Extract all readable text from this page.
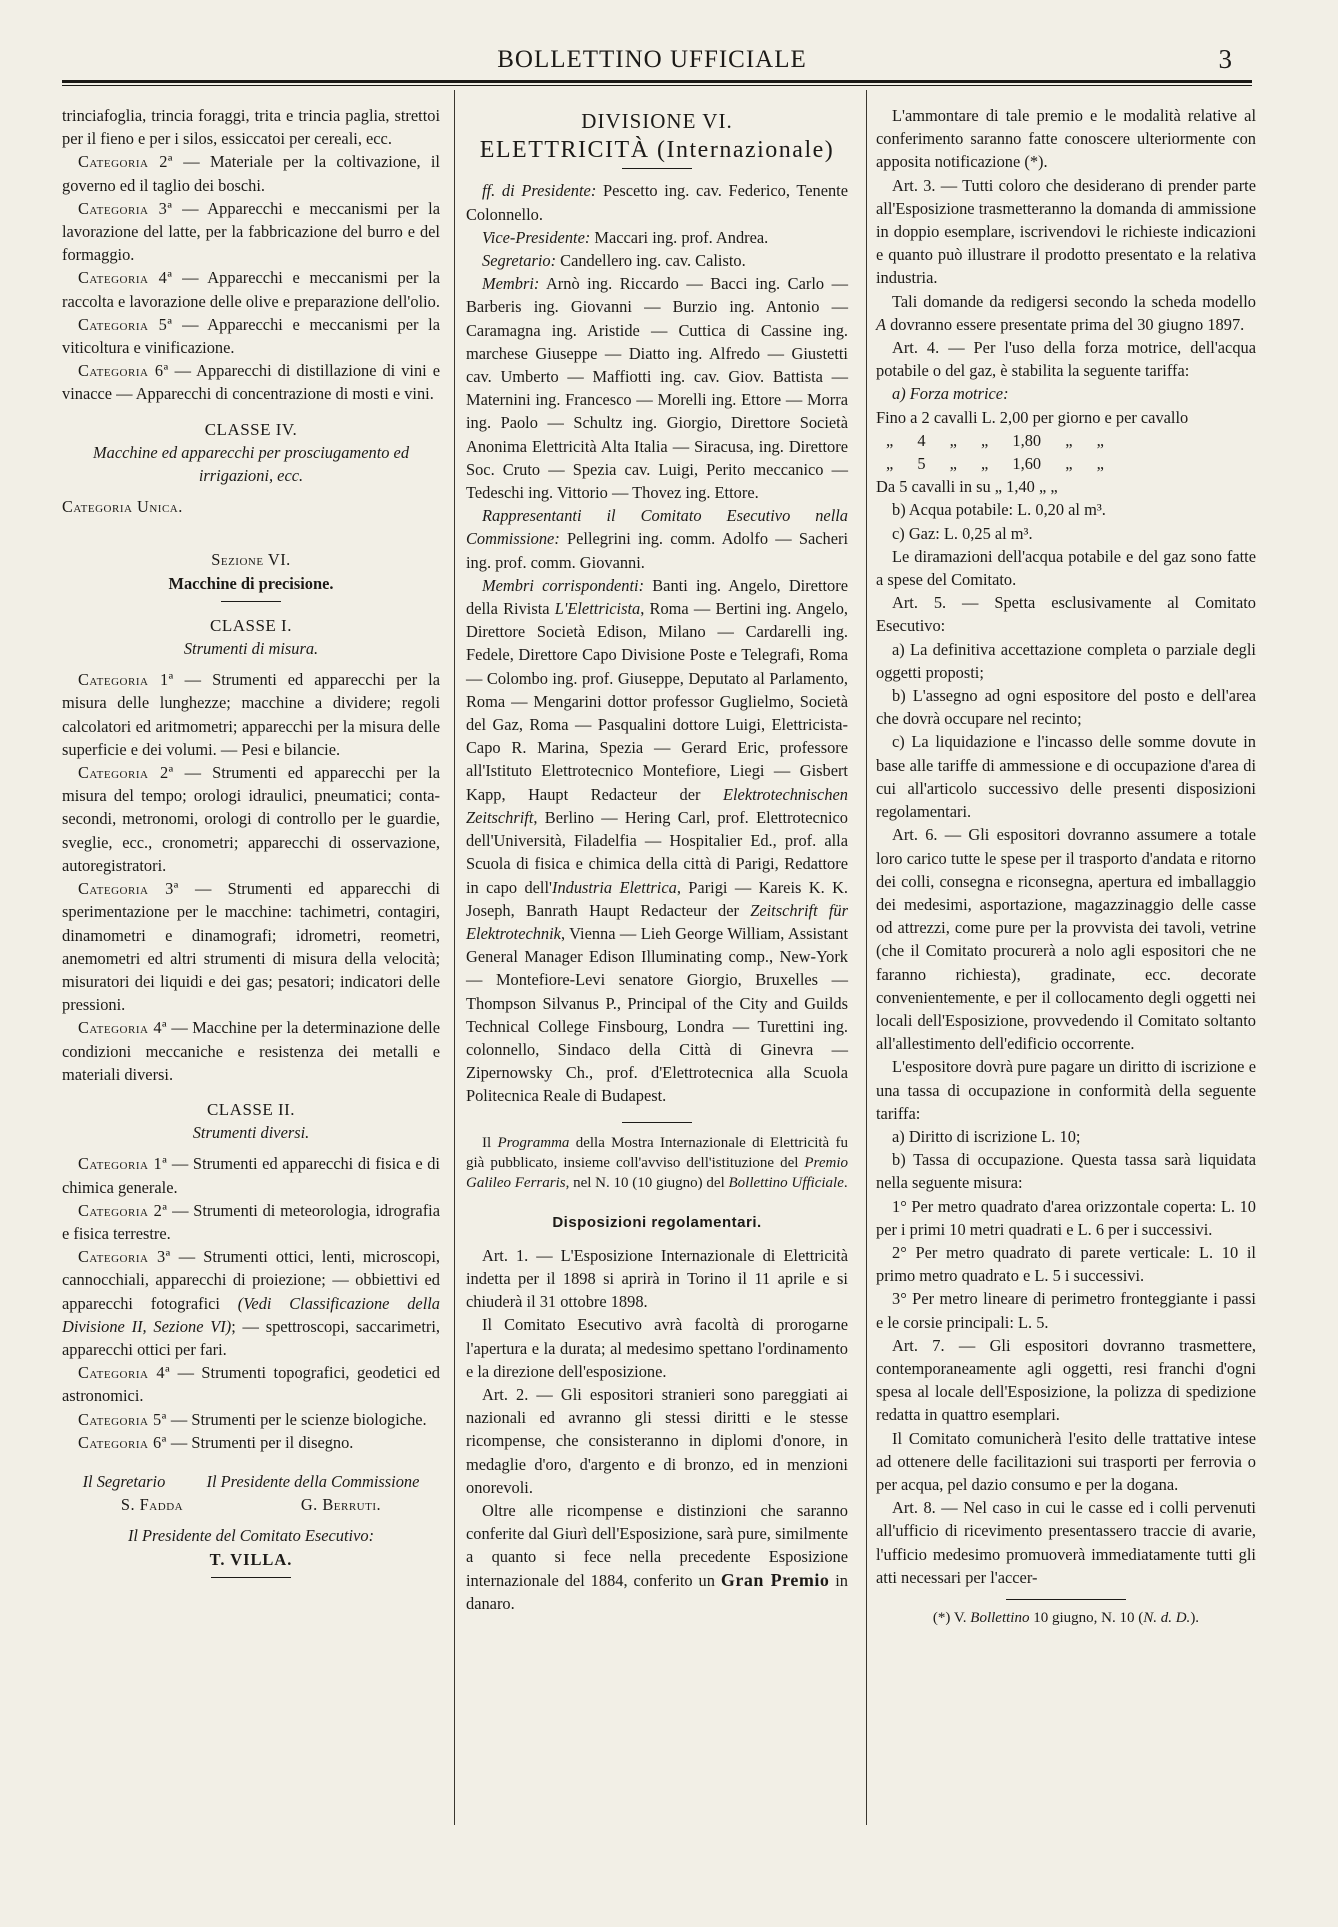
BOLLETTINO UFFICIALE	3

trinciafoglia, trincia foraggi, trita e trincia paglia, strettoi per il fieno e per i silos, essiccatoi per cereali, ecc.

Categoria 2ª — Materiale per la coltivazione, il governo ed il taglio dei boschi.

Categoria 3ª — Apparecchi e meccanismi per la lavorazione del latte, per la fabbricazione del burro e del formaggio.

Categoria 4ª — Apparecchi e meccanismi per la raccolta e lavorazione delle olive e preparazione dell'olio.

Categoria 5ª — Apparecchi e meccanismi per la viticoltura e vinificazione.

Categoria 6ª — Apparecchi di distillazione di vini e vinacce — Apparecchi di concentrazione di mosti e vini.

CLASSE IV.

Macchine ed apparecchi per prosciugamento ed irrigazioni, ecc.

Categoria Unica.

Sezione VI.

Macchine di precisione.

CLASSE I.

Strumenti di misura.

Categoria 1ª — Strumenti ed apparecchi per la misura delle lunghezze; macchine a dividere; regoli calcolatori ed aritmometri; apparecchi per la misura delle superficie e dei volumi. — Pesi e bilancie.

Categoria 2ª — Strumenti ed apparecchi per la misura del tempo; orologi idraulici, pneumatici; conta-secondi, metronomi, orologi di controllo per le guardie, sveglie, ecc., cronometri; apparecchi di osservazione, autoregistratori.

Categoria 3ª — Strumenti ed apparecchi di sperimentazione per le macchine: tachimetri, contagiri, dinamometri e dinamografi; idrometri, reometri, anemometri ed altri strumenti di misura della velocità; misuratori dei liquidi e dei gas; pesatori; indicatori delle pressioni.

Categoria 4ª — Macchine per la determinazione delle condizioni meccaniche e resistenza dei metalli e materiali diversi.

CLASSE II.

Strumenti diversi.

Categoria 1ª — Strumenti ed apparecchi di fisica e di chimica generale.

Categoria 2ª — Strumenti di meteorologia, idrografia e fisica terrestre.

Categoria 3ª — Strumenti ottici, lenti, microscopi, cannocchiali, apparecchi di proiezione; — obbiettivi ed apparecchi fotografici (Vedi Classificazione della Divisione II, Sezione VI); — spettroscopi, saccarimetri, apparecchi ottici per fari.

Categoria 4ª — Strumenti topografici, geodetici ed astronomici.

Categoria 5ª — Strumenti per le scienze biologiche.

Categoria 6ª — Strumenti per il disegno.

Il Segretario	Il Presidente della Commissione
S. Fadda	G. Berruti.

Il Presidente del Comitato Esecutivo:

T. VILLA.

DIVISIONE VI.
ELETTRICITÀ (Internazionale)

ff. di Presidente: Pescetto ing. cav. Federico, Tenente Colonnello.

Vice-Presidente: Maccari ing. prof. Andrea.

Segretario: Candellero ing. cav. Calisto.

Membri: Arnò ing. Riccardo — Bacci ing. Carlo — Barberis ing. Giovanni — Burzio ing. Antonio — Caramagna ing. Aristide — Cuttica di Cassine ing. marchese Giuseppe — Diatto ing. Alfredo — Giustetti cav. Umberto — Maffiotti ing. cav. Giov. Battista — Maternini ing. Francesco — Morelli ing. Ettore — Morra ing. Paolo — Schultz ing. Giorgio, Direttore Società Anonima Elettricità Alta Italia — Siracusa, ing. Direttore Soc. Cruto — Spezia cav. Luigi, Perito meccanico — Tedeschi ing. Vittorio — Thovez ing. Ettore.

Rappresentanti il Comitato Esecutivo nella Commissione: Pellegrini ing. comm. Adolfo — Sacheri ing. prof. comm. Giovanni.

Membri corrispondenti: Banti ing. Angelo, Direttore della Rivista L'Elettricista, Roma — Bertini ing. Angelo, Direttore Società Edison, Milano — Cardarelli ing. Fedele, Direttore Capo Divisione Poste e Telegrafi, Roma — Colombo ing. prof. Giuseppe, Deputato al Parlamento, Roma — Mengarini dottor professor Guglielmo, Società del Gaz, Roma — Pasqualini dottore Luigi, Elettricista-Capo R. Marina, Spezia — Gerard Eric, professore all'Istituto Elettrotecnico Montefiore, Liegi — Gisbert Kapp, Haupt Redacteur der Elektrotechnischen Zeitschrift, Berlino — Hering Carl, prof. Elettrotecnico dell'Università, Filadelfia — Hospitalier Ed., prof. alla Scuola di fisica e chimica della città di Parigi, Redattore in capo dell'Industria Elettrica, Parigi — Kareis K. K. Joseph, Banrath Haupt Redacteur der Zeitschrift für Elektrotechnik, Vienna — Lieh George William, Assistant General Manager Edison Illuminating comp., New-York — Montefiore-Levi senatore Giorgio, Bruxelles — Thompson Silvanus P., Principal of the City and Guilds Technical College Finsbourg, Londra — Turettini ing. colonnello, Sindaco della Città di Ginevra — Zipernowsky Ch., prof. d'Elettrotecnica alla Scuola Politecnica Reale di Budapest.

Il Programma della Mostra Internazionale di Elettricità fu già pubblicato, insieme coll'avviso dell'istituzione del Premio Galileo Ferraris, nel N. 10 (10 giugno) del Bollettino Ufficiale.

Disposizioni regolamentari.

Art. 1. — L'Esposizione Internazionale di Elettricità indetta per il 1898 si aprirà in Torino il 11 aprile e si chiuderà il 31 ottobre 1898.

Il Comitato Esecutivo avrà facoltà di prorogarne l'apertura e la durata; al medesimo spettano l'ordinamento e la direzione dell'esposizione.

Art. 2. — Gli espositori stranieri sono pareggiati ai nazionali ed avranno gli stessi diritti e le stesse ricompense, che consisteranno in diplomi d'onore, in medaglie d'oro, d'argento e di bronzo, ed in menzioni onorevoli.

Oltre alle ricompense e distinzioni che saranno conferite dal Giurì dell'Esposizione, sarà pure, similmente a quanto si fece nella precedente Esposizione internazionale del 1884, conferito un Gran Premio in danaro.

L'ammontare di tale premio e le modalità relative al conferimento saranno fatte conoscere ulteriormente con apposita notificazione (*).

Art. 3. — Tutti coloro che desiderano di prender parte all'Esposizione trasmetteranno la domanda di ammissione in doppio esemplare, iscrivendovi le richieste indicazioni e quanto può illustrare il prodotto presentato e la relativa industria.

Tali domande da redigersi secondo la scheda modello A dovranno essere presentate prima del 30 giugno 1897.

Art. 4. — Per l'uso della forza motrice, dell'acqua potabile o del gaz, è stabilita la seguente tariffa:

a) Forza motrice:

Fino a 2 cavalli L. 2,00 per giorno e per cavallo

„ 4 „ „ 1,80 „ „

„ 5 „ „ 1,60 „ „

Da 5 cavalli in su „ 1,40 „ „

b) Acqua potabile: L. 0,20 al m³.

c) Gaz: L. 0,25 al m³.

Le diramazioni dell'acqua potabile e del gaz sono fatte a spese del Comitato.

Art. 5. — Spetta esclusivamente al Comitato Esecutivo:

a) La definitiva accettazione completa o parziale degli oggetti proposti;

b) L'assegno ad ogni espositore del posto e dell'area che dovrà occupare nel recinto;

c) La liquidazione e l'incasso delle somme dovute in base alle tariffe di ammessione e di occupazione d'area di cui all'articolo successivo delle presenti disposizioni regolamentari.

Art. 6. — Gli espositori dovranno assumere a totale loro carico tutte le spese per il trasporto d'andata e ritorno dei colli, consegna e riconsegna, apertura ed imballaggio dei medesimi, asportazione, magazzinaggio delle casse od attrezzi, come pure per la provvista dei tavoli, vetrine (che il Comitato procurerà a nolo agli espositori che ne faranno richiesta), gradinate, ecc. decorate convenientemente, e per il collocamento degli oggetti nei locali dell'Esposizione, provvedendo il Comitato soltanto all'allestimento dell'edificio occorrente.

L'espositore dovrà pure pagare un diritto di iscrizione e una tassa di occupazione in conformità della seguente tariffa:

a) Diritto di iscrizione L. 10;

b) Tassa di occupazione. Questa tassa sarà liquidata nella seguente misura:

1° Per metro quadrato d'area orizzontale coperta: L. 10 per i primi 10 metri quadrati e L. 6 per i successivi.

2° Per metro quadrato di parete verticale: L. 10 il primo metro quadrato e L. 5 i successivi.

3° Per metro lineare di perimetro fronteggiante i passi e le corsie principali: L. 5.

Art. 7. — Gli espositori dovranno trasmettere, contemporaneamente agli oggetti, resi franchi d'ogni spesa al locale dell'Esposizione, la polizza di spedizione redatta in quattro esemplari.

Il Comitato comunicherà l'esito delle trattative intese ad ottenere delle facilitazioni sui trasporti per ferrovia o per acqua, pel dazio consumo e per la dogana.

Art. 8. — Nel caso in cui le casse ed i colli pervenuti all'ufficio di ricevimento presentassero traccie di avarie, l'ufficio medesimo promuoverà immediatamente tutti gli atti necessari per l'accer-

(*) V. Bollettino 10 giugno, N. 10 (N. d. D.).
